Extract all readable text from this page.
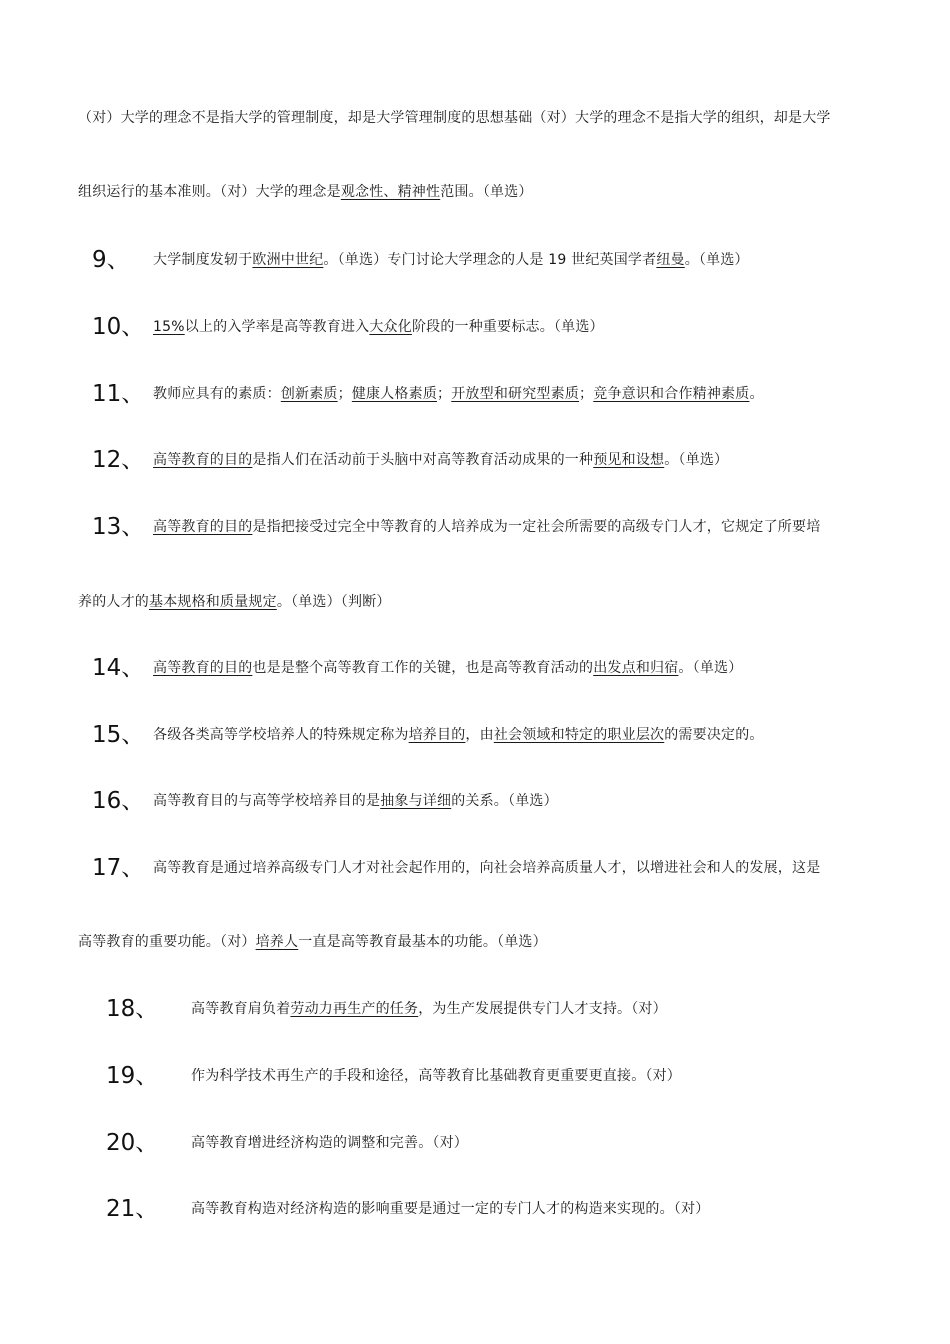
（对）大学的理念不是指大学的管理制度，却是大学管理制度的思想基础（对）大学的理念不是指大学的组织，却是大学
组织运行的基本准则。（对）大学的理念是观念性、精神性范围。（单选）
9、 大学制度发轫于欧洲中世纪。（单选）专门讨论大学理念的人是 19 世纪英国学者纽曼。（单选）
10、 15%以上的入学率是高等教育进入大众化阶段的一种重要标志。（单选）
11、 教师应具有的素质：创新素质；健康人格素质；开放型和研究型素质；竞争意识和合作精神素质。
12、 高等教育的目的是指人们在活动前于头脑中对高等教育活动成果的一种预见和设想。（单选）
13、 高等教育的目的是指把接受过完全中等教育的人培养成为一定社会所需要的高级专门人才，它规定了所要培
养的人才的基本规格和质量规定。（单选）（判断）
14、 高等教育的目的也是是整个高等教育工作的关键，也是高等教育活动的出发点和归宿。（单选）
15、 各级各类高等学校培养人的特殊规定称为培养目的，由社会领域和特定的职业层次的需要决定的。
16、 高等教育目的与高等学校培养目的是抽象与详细的关系。（单选）
17、 高等教育是通过培养高级专门人才对社会起作用的，向社会培养高质量人才，以增进社会和人的发展，这是
高等教育的重要功能。（对）培养人一直是高等教育最基本的功能。（单选）
18、 高等教育肩负着劳动力再生产的任务，为生产发展提供专门人才支持。（对）
19、 作为科学技术再生产的手段和途径，高等教育比基础教育更重要更直接。（对）
20、 高等教育增进经济构造的调整和完善。（对）
21、 高等教育构造对经济构造的影响重要是通过一定的专门人才的构造来实现的。（对）
